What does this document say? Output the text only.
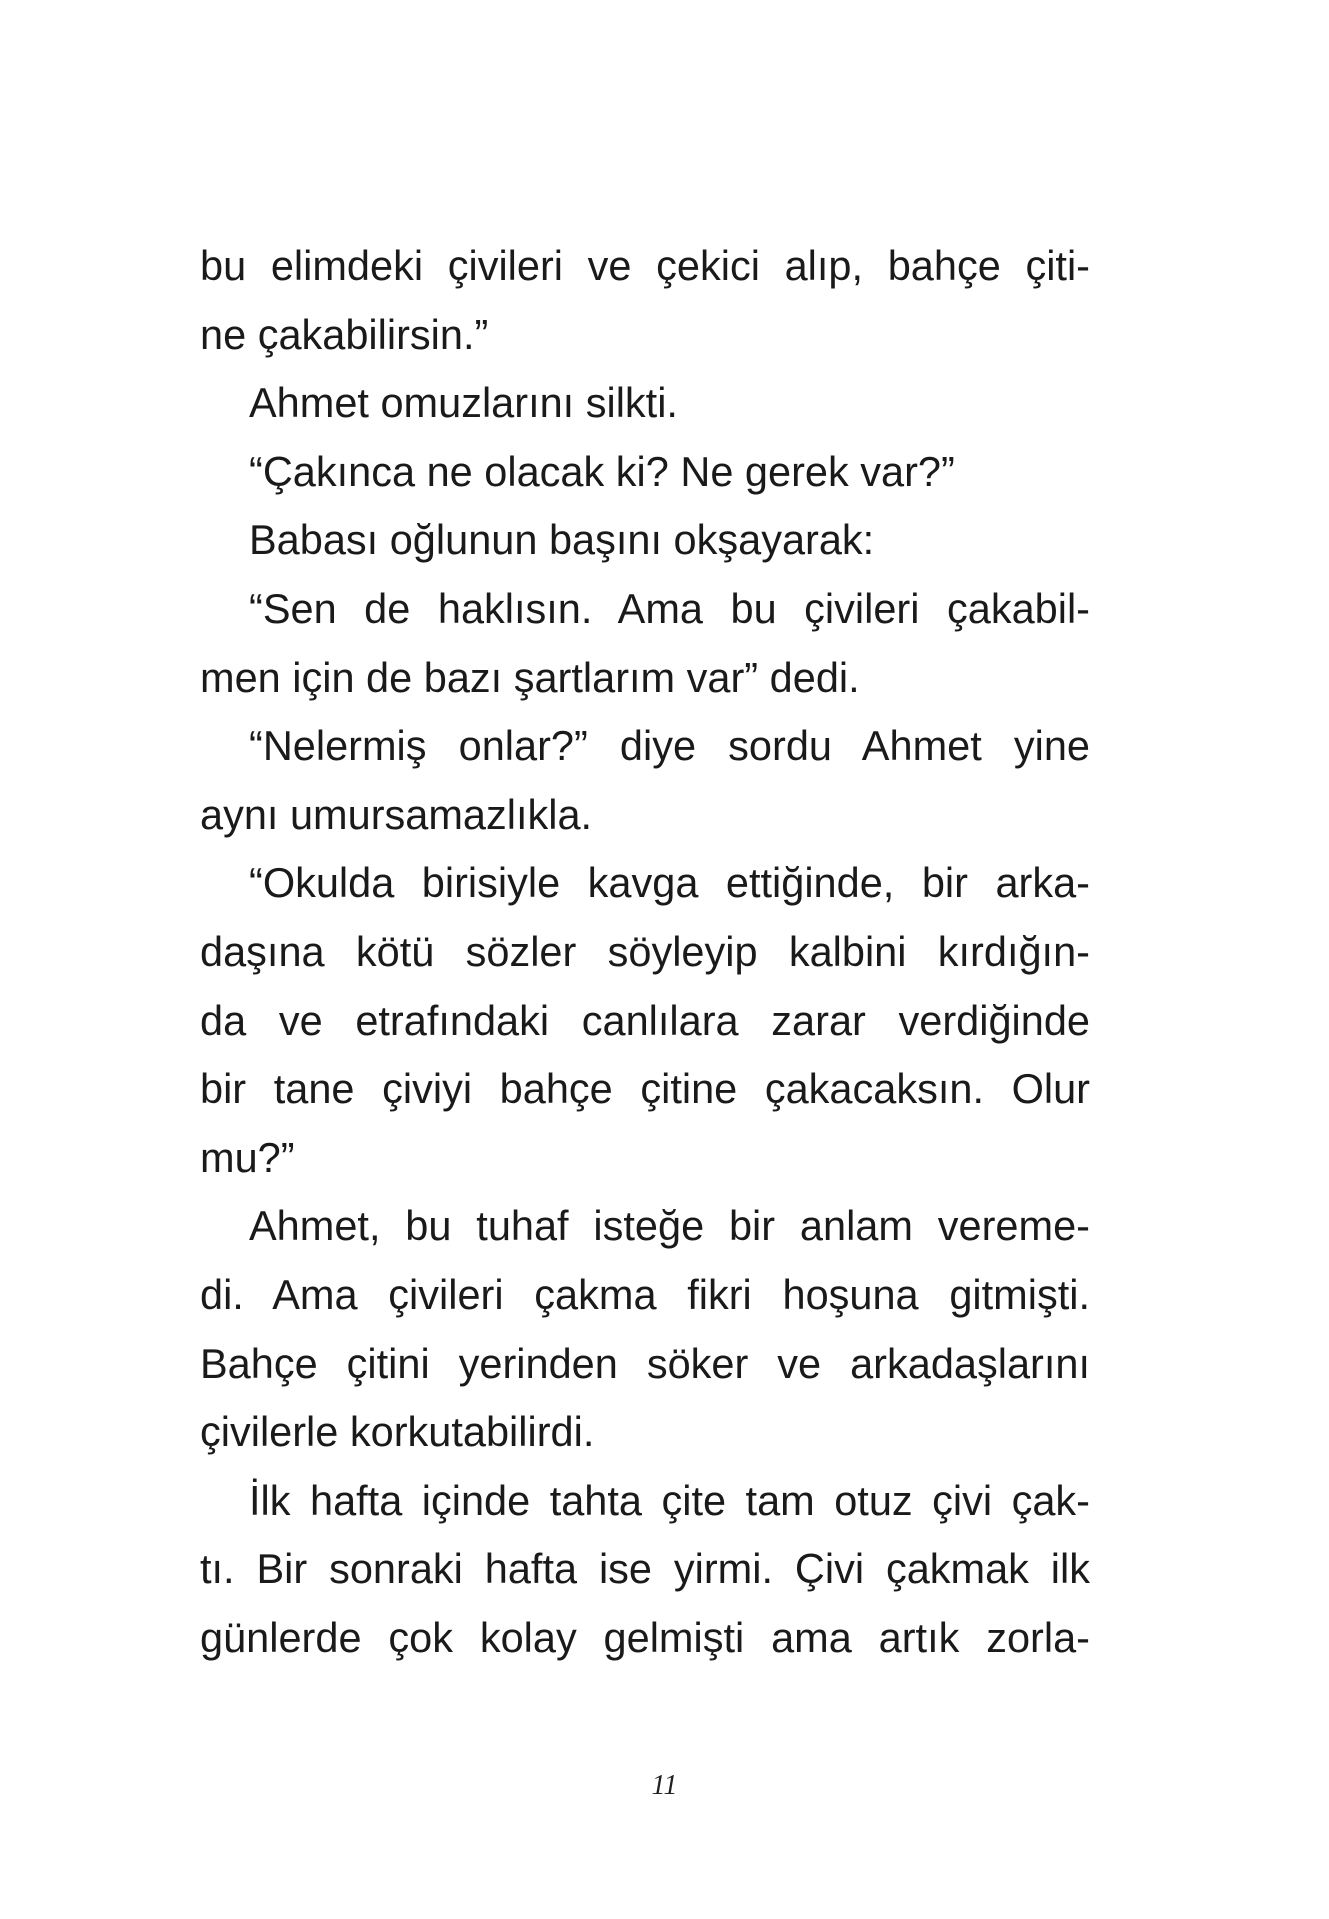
bu elimdeki çivileri ve çekici alıp, bahçe çiti-
ne çakabilirsin.”
Ahmet omuzlarını silkti.
“Çakınca ne olacak ki? Ne gerek var?”
Babası oğlunun başını okşayarak:
“Sen de haklısın. Ama bu çivileri çakabil-
men için de bazı şartlarım var” dedi.
“Nelermiş onlar?” diye sordu Ahmet yine
aynı umursamazlıkla.
“Okulda birisiyle kavga ettiğinde, bir arka-
daşına kötü sözler söyleyip kalbini kırdığın-
da ve etrafındaki canlılara zarar verdiğinde
bir tane çiviyi bahçe çitine çakacaksın. Olur
mu?”
Ahmet, bu tuhaf isteğe bir anlam vereme-
di. Ama çivileri çakma fikri hoşuna gitmişti.
Bahçe çitini yerinden söker ve arkadaşlarını
çivilerle korkutabilirdi.
İlk hafta içinde tahta çite tam otuz çivi çak-
tı. Bir sonraki hafta ise yirmi. Çivi çakmak ilk
günlerde çok kolay gelmişti ama artık zorla-
11
